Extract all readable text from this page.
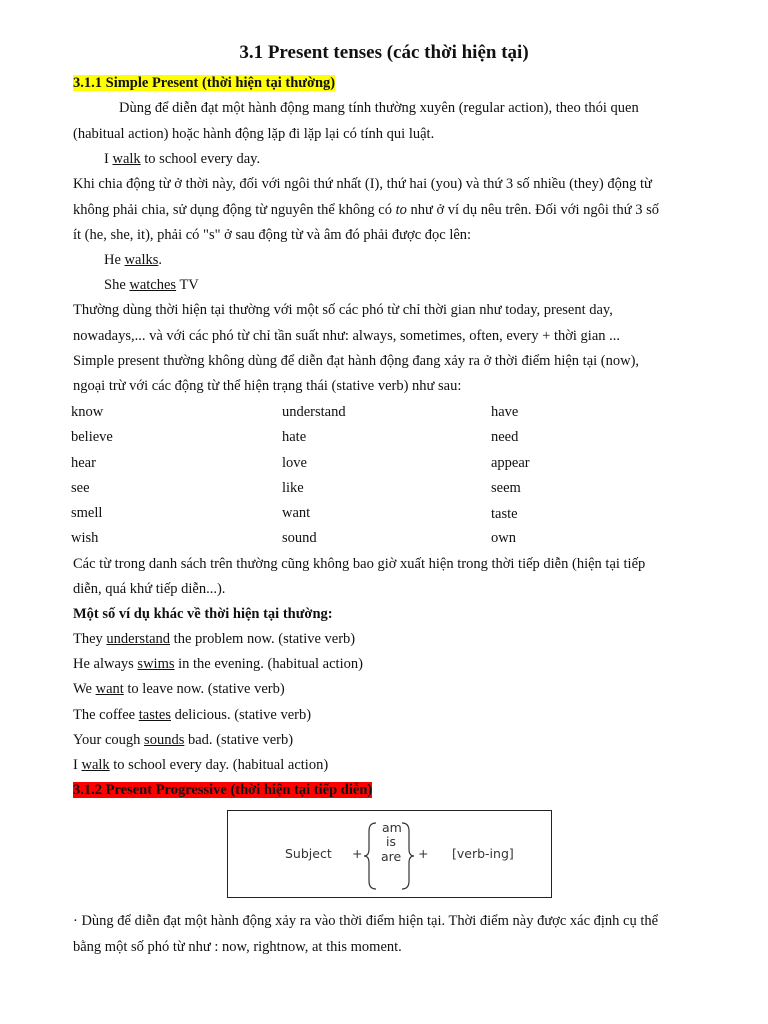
3.1 Present tenses (các thời hiện tại)
3.1.1 Simple Present (thời hiện tại thường)
Dùng để diễn đạt một hành động mang tính thường xuyên (regular action), theo thói quen
(habitual action) hoặc hành động lặp đi lặp lại có tính qui luật.
I walk to school every day.
Khi chia động từ ở thời này, đối với ngôi thứ nhất (I), thứ hai (you) và thứ 3 số nhiều (they) động từ
không phải chia, sử dụng động từ nguyên thể không có to như ở ví dụ nêu trên. Đối với ngôi thứ 3 số
ít (he, she, it), phải có "s" ở sau động từ và âm đó phải được đọc lên:
He walks.
She watches TV
Thường dùng thời hiện tại thường với một số các phó từ chỉ thời gian như today, present day,
nowadays,... và với các phó từ chỉ tần suất như: always, sometimes, often, every + thời gian ...
Simple present thường không dùng để diễn đạt hành động đang xảy ra ở thời điểm hiện tại (now),
ngoại trừ với các động từ thể hiện trạng thái (stative verb) như sau:
know	understand	have
believe	hate	need
hear	love	appear
see	like	seem
smell	want	taste
wish	sound	own
Các từ trong danh sách trên thường cũng không bao giờ xuất hiện trong thời tiếp diễn (hiện tại tiếp
diễn, quá khứ tiếp diễn...).
Một số ví dụ khác về thời hiện tại thường:
They understand the problem now. (stative verb)
He always swims in the evening. (habitual action)
We want to leave now. (stative verb)
The coffee tastes delicious. (stative verb)
Your cough sounds bad. (stative verb)
I walk to school every day. (habitual action)
3.1.2 Present Progressive (thời hiện tại tiếp diễn)
Subject +
am
is
are + [verb-ing]
· Dùng để diễn đạt một hành động xảy ra vào thời điểm hiện tại. Thời điểm này được xác định cụ thể
bằng một số phó từ như : now, rightnow, at this moment.
